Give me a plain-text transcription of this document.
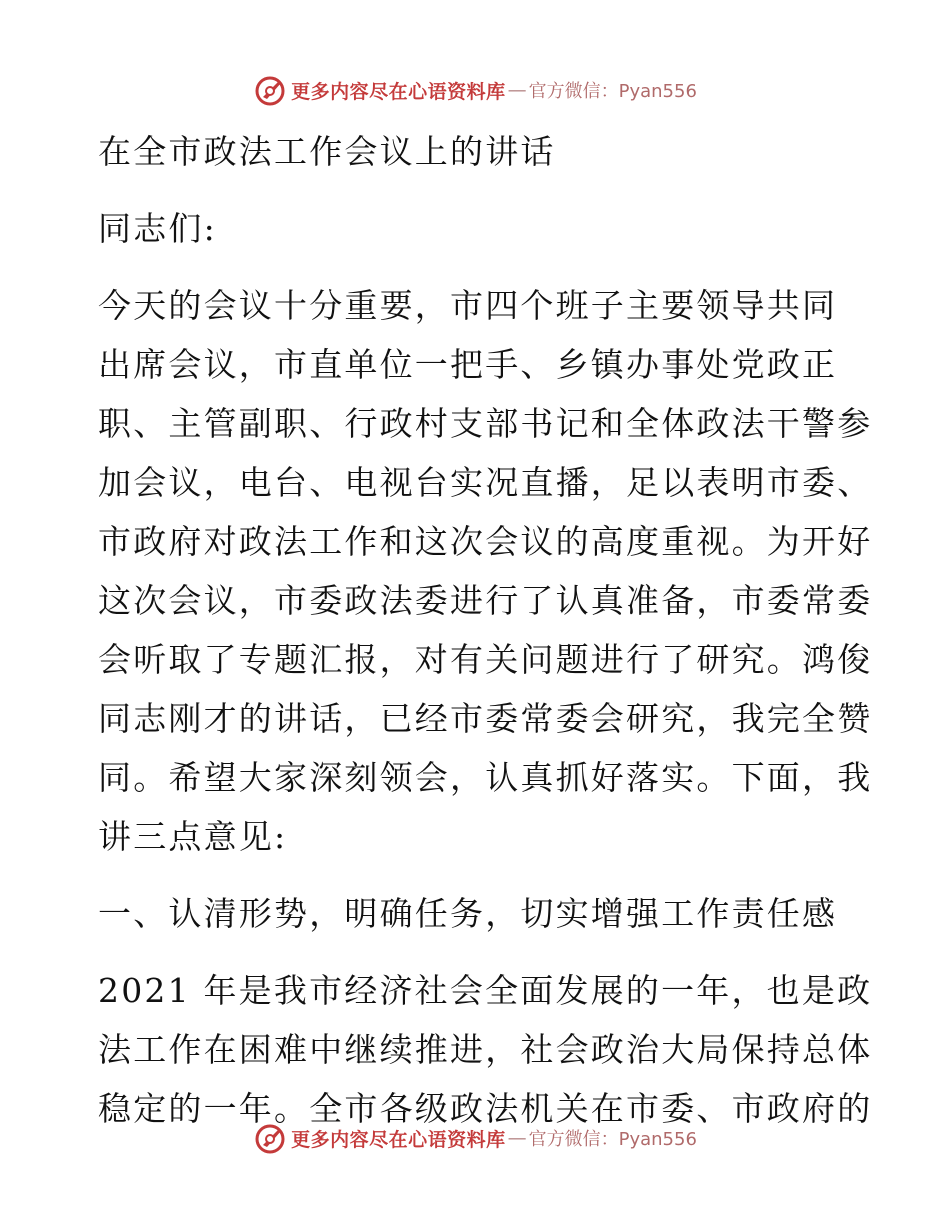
更多内容尽在心语资料库 — 官方微信：Pyan556
在全市政法工作会议上的讲话
同志们:
今天的会议十分重要，市四个班子主要领导共同
出席会议，市直单位一把手、乡镇办事处党政正
职、主管副职、行政村支部书记和全体政法干警参
加会议，电台、电视台实况直播，足以表明市委、
市政府对政法工作和这次会议的高度重视。为开好
这次会议，市委政法委进行了认真准备，市委常委
会听取了专题汇报，对有关问题进行了研究。鸿俊
同志刚才的讲话，已经市委常委会研究，我完全赞
同。希望大家深刻领会，认真抓好落实。下面，我
讲三点意见:
一、认清形势，明确任务，切实增强工作责任感
2021 年是我市经济社会全面发展的一年，也是政
法工作在困难中继续推进，社会政治大局保持总体
稳定的一年。全市各级政法机关在市委、市政府的
更多内容尽在心语资料库 — 官方微信：Pyan556
